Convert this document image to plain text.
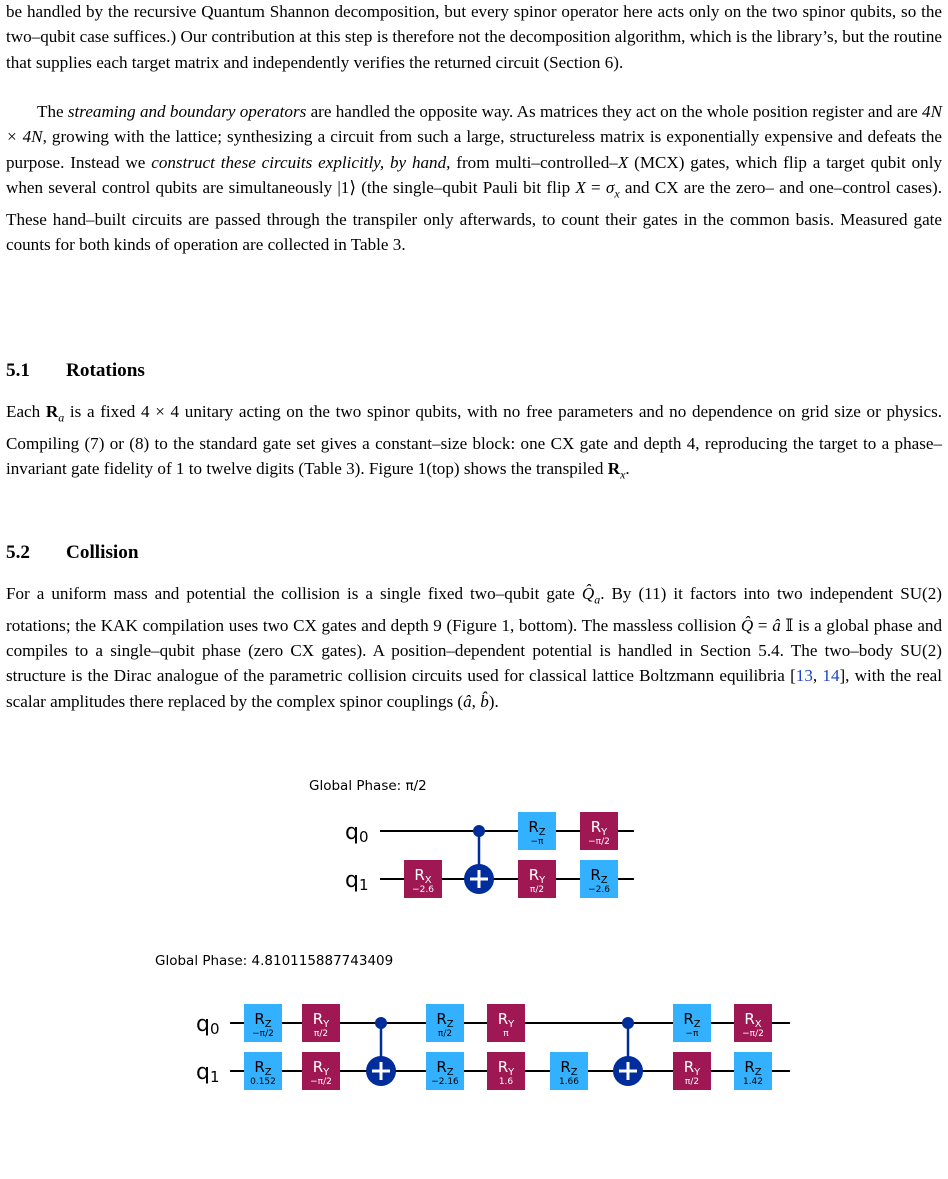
be handled by the recursive Quantum Shannon decomposition, but every spinor operator here acts only on the two spinor qubits, so the two–qubit case suffices.) Our contribution at this step is therefore not the decomposition algorithm, which is the library’s, but the routine that supplies each target matrix and independently verifies the returned circuit (Section 6).

The streaming and boundary operators are handled the opposite way. As matrices they act on the whole position register and are 4N × 4N, growing with the lattice; synthesizing a circuit from such a large, structureless matrix is exponentially expensive and defeats the purpose. Instead we construct these circuits explicitly, by hand, from multi–controlled–X (MCX) gates, which flip a target qubit only when several control qubits are simultaneously |1⟩ (the single–qubit Pauli bit flip $X = \sigma_x$ and CX are the zero– and one–control cases). These hand–built circuits are passed through the transpiler only afterwards, to count their gates in the common basis. Measured gate counts for both kinds of operation are collected in Table 3.

5.1 Rotations

Each $R_a$ is a fixed 4 × 4 unitary acting on the two spinor qubits, with no free parameters and no dependence on grid size or physics. Compiling (7) or (8) to the standard gate set gives a constant–size block: one CX gate and depth 4, reproducing the target to a phase–invariant gate fidelity of 1 to twelve digits (Table 3). Figure 1(top) shows the transpiled $R_x$.

5.2 Collision

For a uniform mass and potential the collision is a single fixed two–qubit gate $Q̂_a$. By (11) it factors into two independent SU(2) rotations; the KAK compilation uses two CX gates and depth 9 (Figure 1, bottom). The massless collision Q̂ = â 𝕀 is a global phase and compiles to a single–qubit phase (zero CX gates). A position–dependent potential is handled in Section 5.4. The two–body SU(2) structure is the Dirac analogue of the parametric collision circuits used for classical lattice Boltzmann equilibria [13, 14], with the real scalar amplitudes there replaced by the complex spinor couplings (â, b̂).

Global Phase: π/2
q0
q1
$R_X$
−2.6
$R_Z$
−π
$R_Y$
π/2
$R_Y$
−π/2
$R_Z$
−2.6
Global Phase: 4.810115887743409
q0
q1
$R_Z$
−π/2
$R_Z$
0.152
$R_Y$
π/2
$R_Y$
−π/2
$R_Z$
π/2
$R_Z$
−2.16
$R_Y$
π
$R_Y$
1.6
$R_Z$
1.66
$R_Z$
−π
$R_Y$
π/2
$R_X$
−π/2
$R_Z$
1.42
